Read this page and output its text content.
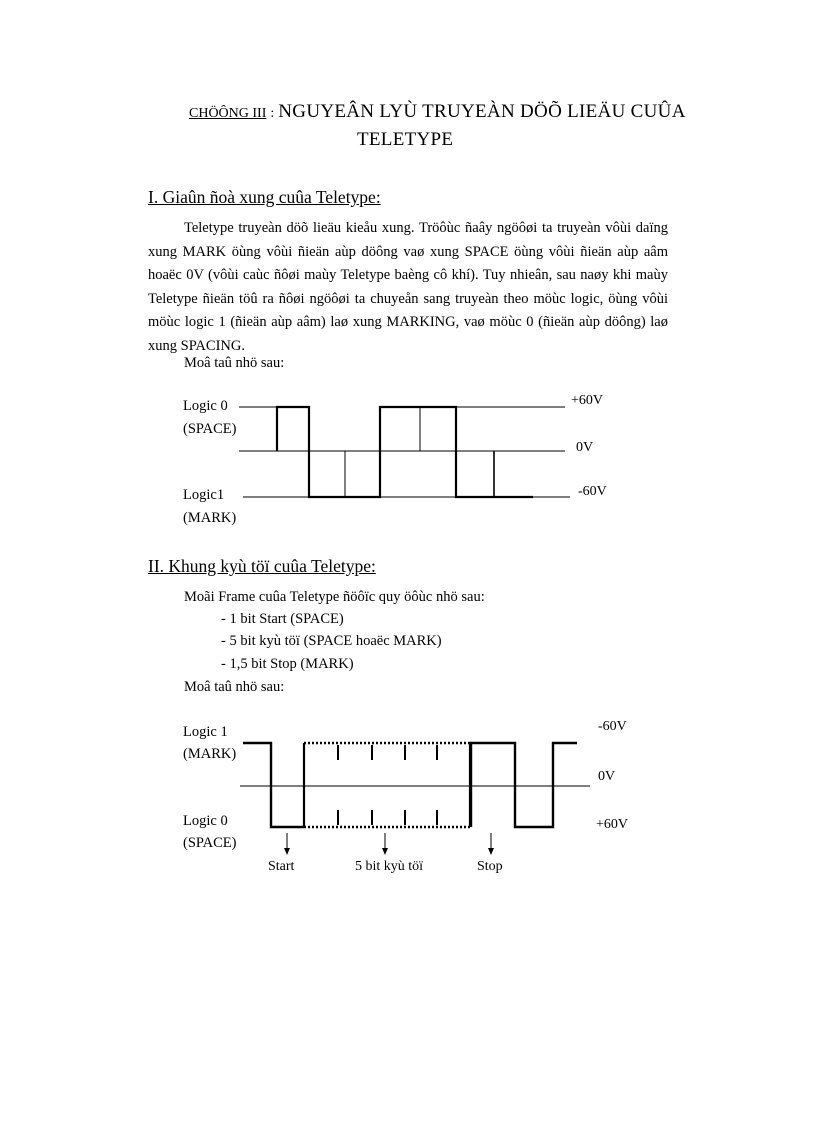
CHÖÔNG III : NGUYEÂN LYÙ TRUYEÀN DÖÕ LIEÄU CUÛA
TELETYPE
I. Giaûn ñoà xung cuûa Teletype:

Teletype truyeàn döõ lieäu kieåu xung. Tröôùc ñaây ngöôøi ta truyeàn vôùi daïng xung MARK öùng vôùi ñieän aùp döông vaø xung SPACE öùng vôùi ñieän aùp aâm hoaëc 0V (vôùi caùc ñôøi maùy Teletype baèng cô khí). Tuy nhieân, sau naøy khi maùy Teletype ñieän töû ra ñôøi ngöôøi ta chuyeån sang truyeàn theo möùc logic, öùng vôùi möùc logic 1 (ñieän aùp aâm) laø xung MARKING, vaø möùc 0 (ñieän aùp döông) laø xung SPACING.

Moâ taû nhö sau:
Logic 0
(SPACE)
Logic1
(MARK)
+60V
0V
-60V
II. Khung kyù töï cuûa Teletype:
Moãi Frame cuûa Teletype ñöôïc quy öôùc nhö sau:
- 1 bit Start (SPACE)
- 5 bit kyù töï (SPACE hoaëc MARK)
- 1,5 bit Stop (MARK)
Moâ taû nhö sau:
Logic 1
(MARK)
Logic 0
(SPACE)
-60V
0V
+60V
Start	5 bit kyù töï	Stop
